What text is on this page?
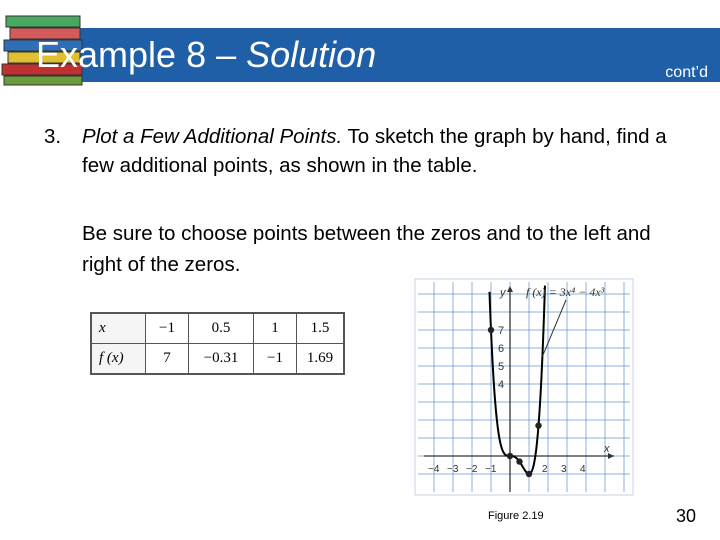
Example 8 – Solution	cont’d
3. Plot a Few Additional Points. To sketch the graph by hand, find a few additional points, as shown in the table.
Be sure to choose points between the zeros and to the left and right of the zeros.
x	−1	0.5	1	1.5
f (x)	7	−0.31	−1	1.69
y
x
7
6
5
4
−4 −3 −2 −1	2 3 4
f (x) = 3x⁴ − 4x³
Figure 2.19	30
